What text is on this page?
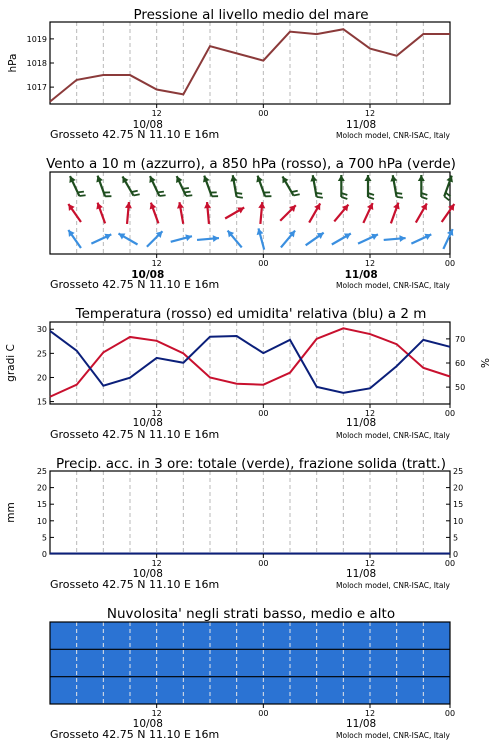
1017
1018
1019
hPa
Pressione al livello medio del mare
12	00	12
10/08	11/08
Grosseto 42.75 N 11.10 E 16m	Moloch model, CNR-ISAC, Italy
Vento a 10 m (azzurro), a 850 hPa (rosso), a 700 hPa (verde)
12	00	12	00
10/08	11/08
Grosseto 42.75 N 11.10 E 16m	Moloch model, CNR-ISAC, Italy
15
20
25
30
50
60
70
gradi C	%
Temperatura (rosso) ed umidita' relativa (blu) a 2 m
12	00	12	00
10/08	11/08
Grosseto 42.75 N 11.10 E 16m	Moloch model, CNR-ISAC, Italy
0
5
10
15
20
25
0
5
10
15
20
25
mm
Precip. acc. in 3 ore: totale (verde), frazione solida (tratt.)
12	00	12	00
10/08	11/08
Grosseto 42.75 N 11.10 E 16m	Moloch model, CNR-ISAC, Italy
Nuvolosita' negli strati basso, medio e alto
12	00	12	00
10/08	11/08
Grosseto 42.75 N 11.10 E 16m	Moloch model, CNR-ISAC, Italy
